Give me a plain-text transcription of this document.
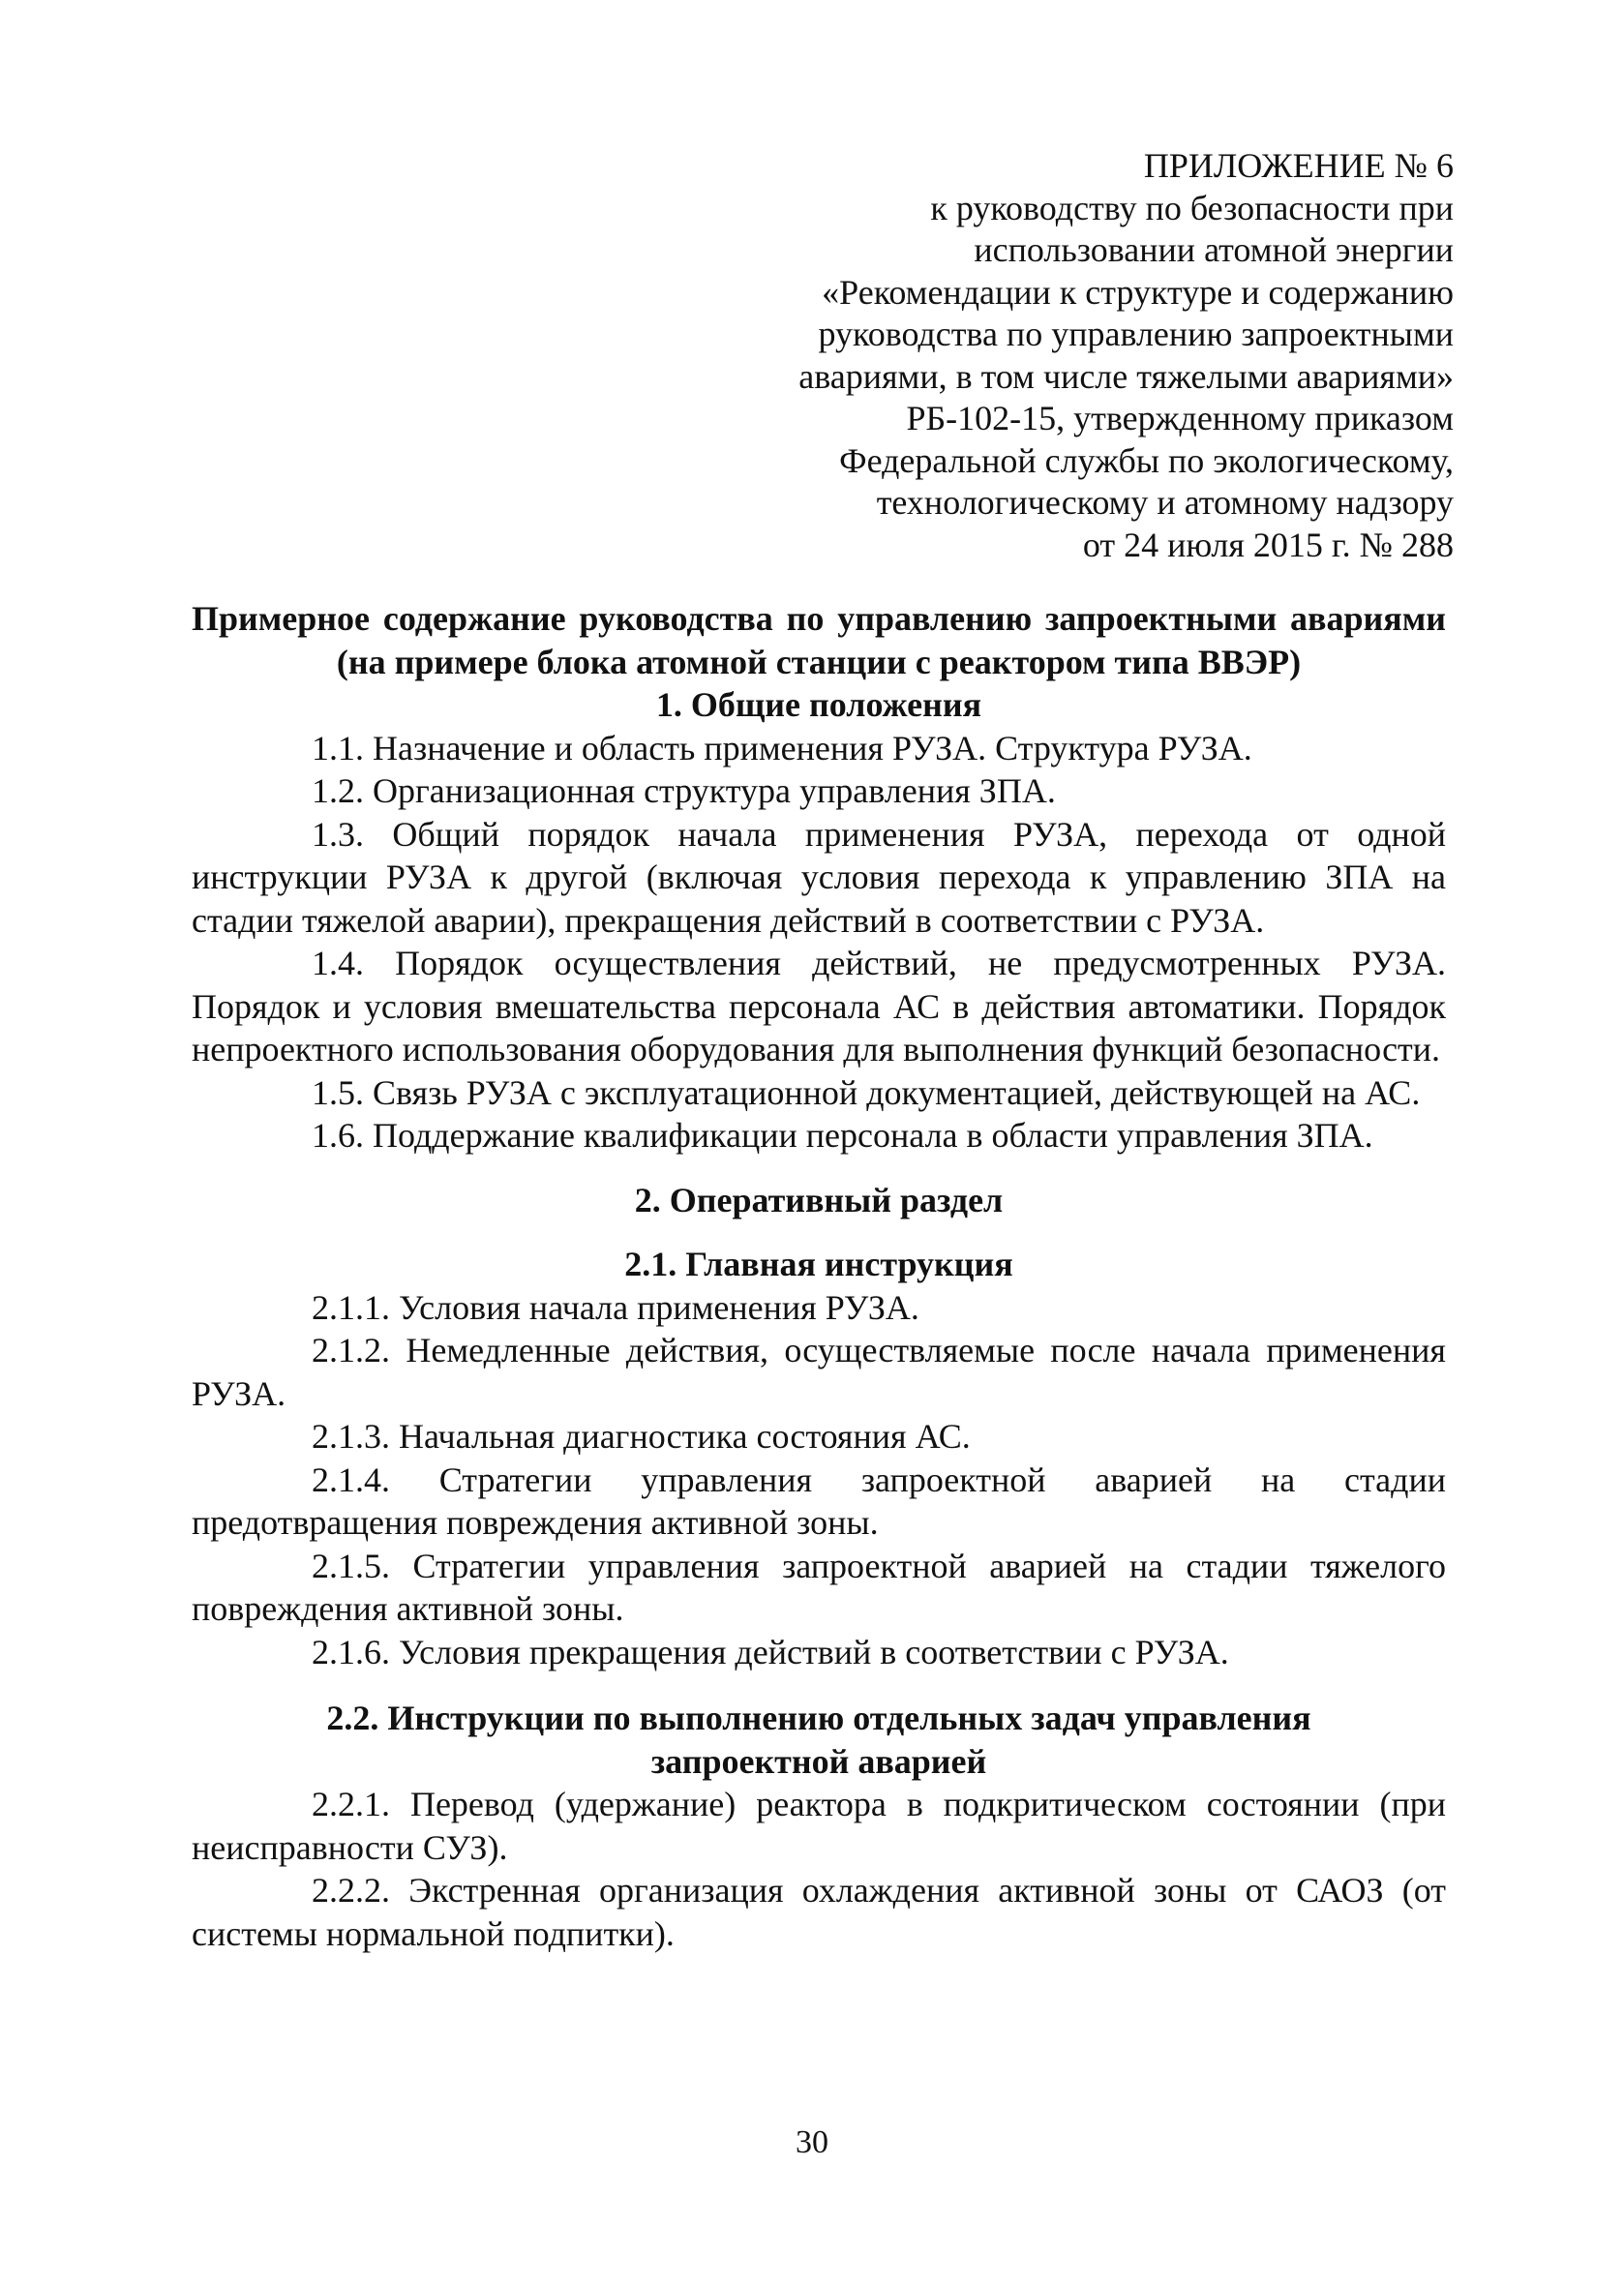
ПРИЛОЖЕНИЕ № 6
к руководству по безопасности при
использовании атомной энергии
«Рекомендации к структуре и содержанию
руководства по управлению запроектными
авариями, в том числе тяжелыми авариями»
РБ-102-15, утвержденному приказом
Федеральной службы по экологическому,
технологическому и атомному надзору
от 24 июля 2015 г. № 288

Примерное содержание руководства по управлению запроектными авариями (на примере блока атомной станции с реактором типа ВВЭР)

1. Общие положения

1.1. Назначение и область применения РУЗА. Структура РУЗА.

1.2. Организационная структура управления ЗПА.

1.3. Общий порядок начала применения РУЗА, перехода от одной инструкции РУЗА к другой (включая условия перехода к управлению ЗПА на стадии тяжелой аварии), прекращения действий в соответствии с РУЗА.

1.4. Порядок осуществления действий, не предусмотренных РУЗА. Порядок и условия вмешательства персонала АС в действия автоматики. Порядок непроектного использования оборудования для выполнения функций безопасности.

1.5. Связь РУЗА с эксплуатационной документацией, действующей на АС.

1.6. Поддержание квалификации персонала в области управления ЗПА.

2. Оперативный раздел

2.1. Главная инструкция

2.1.1. Условия начала применения РУЗА.

2.1.2. Немедленные действия, осуществляемые после начала применения РУЗА.

2.1.3. Начальная диагностика состояния АС.

2.1.4. Стратегии управления запроектной аварией на стадии предотвращения повреждения активной зоны.

2.1.5. Стратегии управления запроектной аварией на стадии тяжелого повреждения активной зоны.

2.1.6. Условия прекращения действий в соответствии с РУЗА.

2.2. Инструкции по выполнению отдельных задач управления

запроектной аварией

2.2.1. Перевод (удержание) реактора в подкритическом состоянии (при неисправности СУЗ).

2.2.2. Экстренная организация охлаждения активной зоны от САОЗ (от системы нормальной подпитки).

30
